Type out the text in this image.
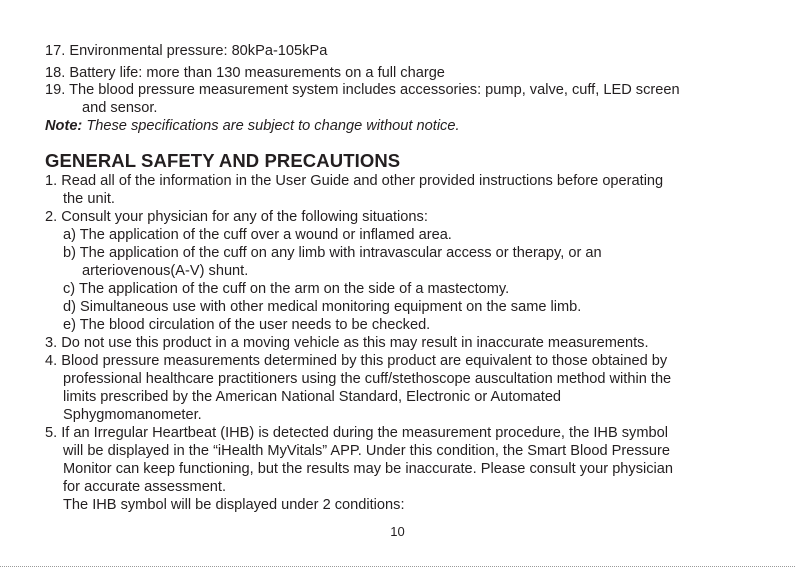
17. Environmental pressure: 80kPa-105kPa
18. Battery life: more than 130 measurements on a full charge
19. The blood pressure measurement system includes accessories: pump, valve, cuff, LED screen
and sensor.
Note: These specifications are subject to change without notice.
GENERAL SAFETY AND PRECAUTIONS
1. Read all of the information in the User Guide and other provided instructions before operating
the unit.
2. Consult your physician for any of the following situations:
a) The application of the cuff over a wound or inflamed area.
b) The application of the cuff on any limb with intravascular access or therapy, or an
arteriovenous(A-V) shunt.
c) The application of the cuff on the arm on the side of a mastectomy.
d) Simultaneous use with other medical monitoring equipment on the same limb.
e) The blood circulation of the user needs to be checked.
3. Do not use this product in a moving vehicle as this may result in inaccurate measurements.
4. Blood pressure measurements determined by this product are equivalent to those obtained by
professional healthcare practitioners using the cuff/stethoscope auscultation method within the
limits prescribed by the American National Standard, Electronic or Automated
Sphygmomanometer.
5. If an Irregular Heartbeat (IHB) is detected during the measurement procedure, the IHB symbol
will be displayed in the “iHealth MyVitals” APP. Under this condition, the Smart Blood Pressure
Monitor can keep functioning, but the results may be inaccurate. Please consult your physician
for accurate assessment.
The IHB symbol will be displayed under 2 conditions:
10
